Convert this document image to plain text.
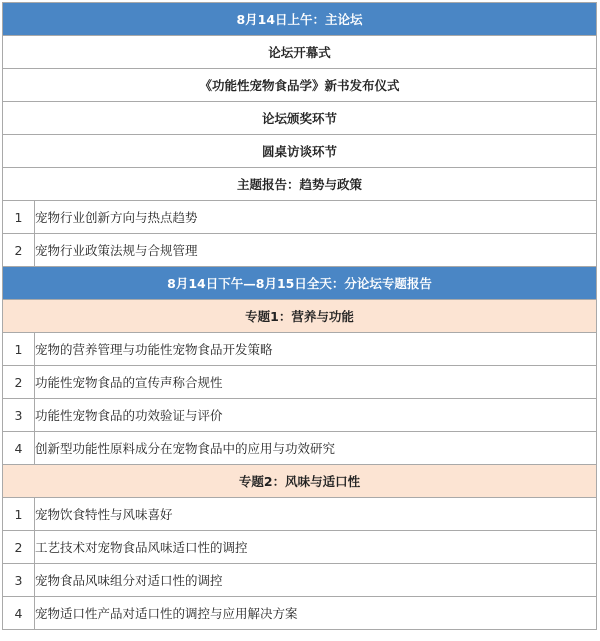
8月14日上午：主论坛	
论坛开幕式	
《功能性宠物食品学》新书发布仪式	
论坛颁奖环节	
圆桌访谈环节	
主题报告：趋势与政策	
1	宠物行业创新方向与热点趋势
2	宠物行业政策法规与合规管理
8月14日下午—8月15日全天：分论坛专题报告	
专题1：营养与功能	
1	宠物的营养管理与功能性宠物食品开发策略
2	功能性宠物食品的宣传声称合规性
3	功能性宠物食品的功效验证与评价
4	创新型功能性原料成分在宠物食品中的应用与功效研究
专题2：风味与适口性	
1	宠物饮食特性与风味喜好
2	工艺技术对宠物食品风味适口性的调控
3	宠物食品风味组分对适口性的调控
4	宠物适口性产品对适口性的调控与应用解决方案
